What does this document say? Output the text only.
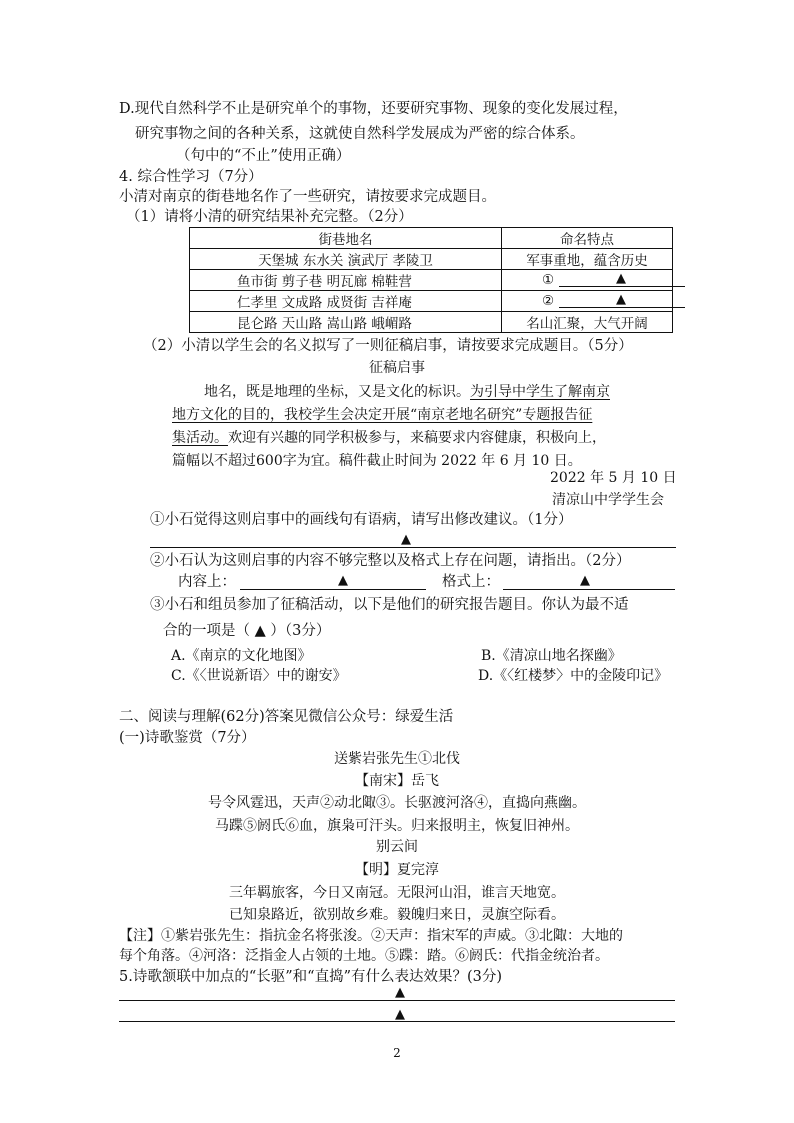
D.现代自然科学不止是研究单个的事物，还要研究事物、现象的变化发展过程，
研究事物之间的各种关系，这就使自然科学发展成为严密的综合体系。
（句中的“不止”使用正确）
4. 综合性学习（7分）
小清对南京的街巷地名作了一些研究，请按要求完成题目。
（1）请将小清的研究结果补充完整。（2分）
街巷地名	命名特点
天堡城 东水关 演武厅 孝陵卫	军事重地，蕴含历史
鱼市街 剪子巷 明瓦廊 棉鞋营	① ▲

仁孝里 文成路 成贤街 吉祥庵	② ▲

昆仑路 天山路 嵩山路 峨嵋路	名山汇聚，大气开阔
（2）小清以学生会的名义拟写了一则征稿启事，请按要求完成题目。（5分）
征稿启事
地名，既是地理的坐标，又是文化的标识。为引导中学生了解南京
地方文化的目的，我校学生会决定开展“南京老地名研究”专题报告征
集活动。欢迎有兴趣的同学积极参与，来稿要求内容健康，积极向上，
篇幅以不超过600字为宜。稿件截止时间为 2022 年 6 月 10 日。
2022 年 5 月 10 日
清凉山中学学生会
①小石觉得这则启事中的画线句有语病，请写出修改建议。（1分）
▲
②小石认为这则启事的内容不够完整以及格式上存在问题，请指出。（2分）
内容上：	▲	格式上：	▲
③小石和组员参加了征稿活动，以下是他们的研究报告题目。你认为最不适
合的一项是（ ▲ ）（3分）
A.《南京的文化地图》	B.《清凉山地名探幽》
C.《〈世说新语〉中的谢安》	D.《〈红楼梦〉中的金陵印记》
二、阅读与理解(62分)答案见微信公众号：绿爱生活
(一)诗歌鉴赏（7分）
送紫岩张先生①北伐
【南宋】岳飞
号令风霆迅，天声②动北陬③。长驱渡河洛④，直捣向燕幽。
马蹀⑤阏氏⑥血，旗枭可汗头。归来报明主，恢复旧神州。
别云间
【明】夏完淳
三年羁旅客，今日又南冠。无限河山泪，谁言天地宽。
已知泉路近，欲别故乡难。毅魄归来日，灵旗空际看。
【注】①紫岩张先生：指抗金名将张浚。②天声：指宋军的声威。③北陬：大地的
每个角落。④河洛：泛指金人占领的土地。⑤蹀：踏。⑥阏氏：代指金统治者。
5.诗歌颔联中加点的“长驱”和“直捣”有什么表达效果？(3分)
▲
▲
2
